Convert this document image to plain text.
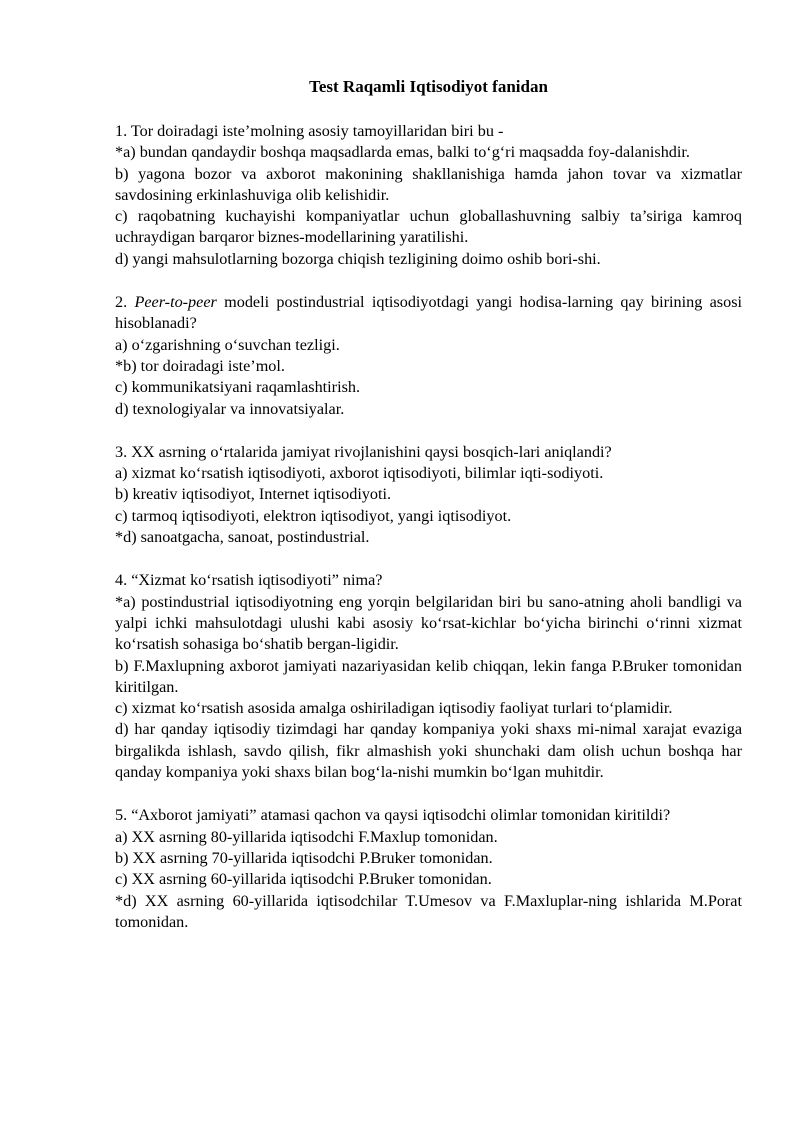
Test Raqamli Iqtisodiyot fanidan

1. Tor doiradagi iste’molning asosiy tamoyillaridan biri bu -

*a) bundan qandaydir boshqa maqsadlarda emas, balki to‘g‘ri maqsadda foy-dalanishdir.

b) yagona bozor va axborot makonining shakllanishiga hamda jahon tovar va xizmatlar savdosining erkinlashuviga olib kelishidir.

c) raqobatning kuchayishi kompaniyatlar uchun globallashuvning salbiy ta’siriga kamroq uchraydigan barqaror biznes-modellarining yaratilishi.

d) yangi mahsulotlarning bozorga chiqish tezligining doimo oshib bori-shi.

2. Peer-to-peer modeli postindustrial iqtisodiyotdagi yangi hodisa-larning qay birining asosi hisoblanadi?

a) o‘zgarishning o‘suvchan tezligi.

*b) tor doiradagi iste’mol.

c) kommunikatsiyani raqamlashtirish.

d) texnologiyalar va innovatsiyalar.

3. XX asrning o‘rtalarida jamiyat rivojlanishini qaysi bosqich-lari aniqlandi?

a) xizmat ko‘rsatish iqtisodiyoti, axborot iqtisodiyoti, bilimlar iqti-sodiyoti.

b) kreativ iqtisodiyot, Internet iqtisodiyoti.

c) tarmoq iqtisodiyoti, elektron iqtisodiyot, yangi iqtisodiyot.

*d) sanoatgacha, sanoat, postindustrial.

4. “Xizmat ko‘rsatish iqtisodiyoti” nima?

*a) postindustrial iqtisodiyotning eng yorqin belgilaridan biri bu sano-atning aholi bandligi va yalpi ichki mahsulotdagi ulushi kabi asosiy ko‘rsat-kichlar bo‘yicha birinchi o‘rinni xizmat ko‘rsatish sohasiga bo‘shatib bergan-ligidir.

b) F.Maxlupning axborot jamiyati nazariyasidan kelib chiqqan, lekin fanga P.Bruker tomonidan kiritilgan.

c) xizmat ko‘rsatish asosida amalga oshiriladigan iqtisodiy faoliyat turlari to‘plamidir.

d) har qanday iqtisodiy tizimdagi har qanday kompaniya yoki shaxs mi-nimal xarajat evaziga birgalikda ishlash, savdo qilish, fikr almashish yoki shunchaki dam olish uchun boshqa har qanday kompaniya yoki shaxs bilan bog‘la-nishi mumkin bo‘lgan muhitdir.

5. “Axborot jamiyati” atamasi qachon va qaysi iqtisodchi olimlar tomonidan kiritildi?

a) XX asrning 80-yillarida iqtisodchi F.Maxlup tomonidan.

b) XX asrning 70-yillarida iqtisodchi P.Bruker tomonidan.

c) XX asrning 60-yillarida iqtisodchi P.Bruker tomonidan.

*d) XX asrning 60-yillarida iqtisodchilar T.Umesov va F.Maxluplar-ning ishlarida M.Porat tomonidan.
